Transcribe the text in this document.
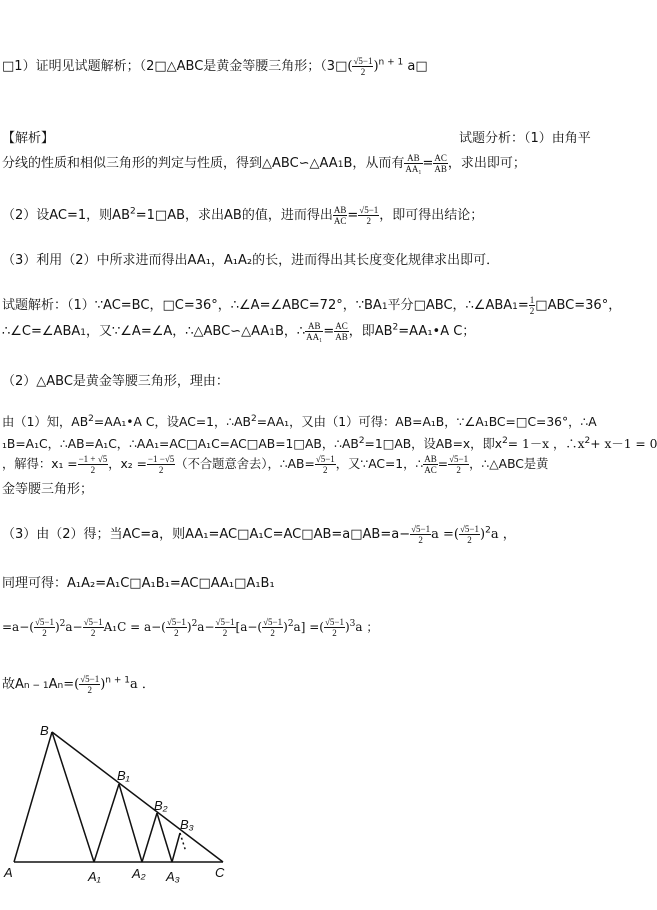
□1）证明见试题解析；（2□△ABC是黄金等腰三角形；（3□( $\frac{√5-1}{2} )^{n + 1}$ a□
【解析】	试题分析：（1）由角平
分线的性质和相似三角形的判定与性质，得到△ABC∽△AA1B，从而有 $\frac{AB}{\text{AA₁}} = \frac{AC}{AB}$ ，求出即可；
（2）设AC=1，则$AB^2=1□AB$，求出AB的值，进而得出 $\frac{AB}{AC} = \frac{√5-1}{2}$ ，即可得出结论；
（3）利用（2）中所求进而得出AA₁，A₁A₂的长，进而得出其长度变化规律求出即可．
试题解析：（1）∵AC=BC，□C=36°，∴∠A=∠ABC=72°，∵BA1平分□ABC，∴∠ABA1= $\frac{1}{2}$ □ABC=36°，
∴∠C=∠ABA1，又∵∠A=∠A，∴△ABC∽△AA1B，∴ $\frac{AB}{\text{AA₁}} = \frac{AC}{AB}$ ，即$AB^2=AA_1•A$ C；
（2）△ABC是黄金等腰三角形，理由：
由（1）知，$AB^2=AA_1•A$ C，设AC=1，$\therefore AB^2=AA_1$，又由（1）可得：AB=A₁B，∵∠A₁BC=□C=36°，∴A
₁B=A₁C，∴AB=A₁C，∴AA₁=AC□A₁C=AC□AB=1□AB，$\therefore AB^2=1□AB$，设AB=x，即$x^2= 1-x$ ，$\therefore x^2+ x-1 = 0$
，解得：$x_1 = \frac{-1 + √5}{2}$ ，$x_2 = \frac{-1 -√5}{2}$ （不合题意舍去），∴AB= $\frac{√5-1}{2}$ ，又∵AC=1，∴ $\frac{AB}{AC} = \frac{√5-1}{2}$ ，∴△ABC是黄
金等腰三角形；
（3）由（2）得；当AC=a，则AA₁=AC□A₁C=AC□AB=a□AB=a− $\frac{√5-1}{2}$ a =( $\frac{√5-1}{2} )^2a$ ，
同理可得：A₁A₂=A₁C□A₁B₁=AC□AA₁□A₁B₁
$=a-( \frac{√5-1}{2} )^2a- \frac{√5-1}{2} A_1C = a-( \frac{√5-1}{2} )^2a- \frac{√5-1}{2} [a-( \frac{√5-1}{2} )^2a]$ =( $\frac{√5-1}{2} )^3a$ ；
故$An - 1An=( \frac{√5-1}{2} )^{n + 1}a$ ．
B
B₁
B₂
B₃
A	A₁ A₂ A₃	C
